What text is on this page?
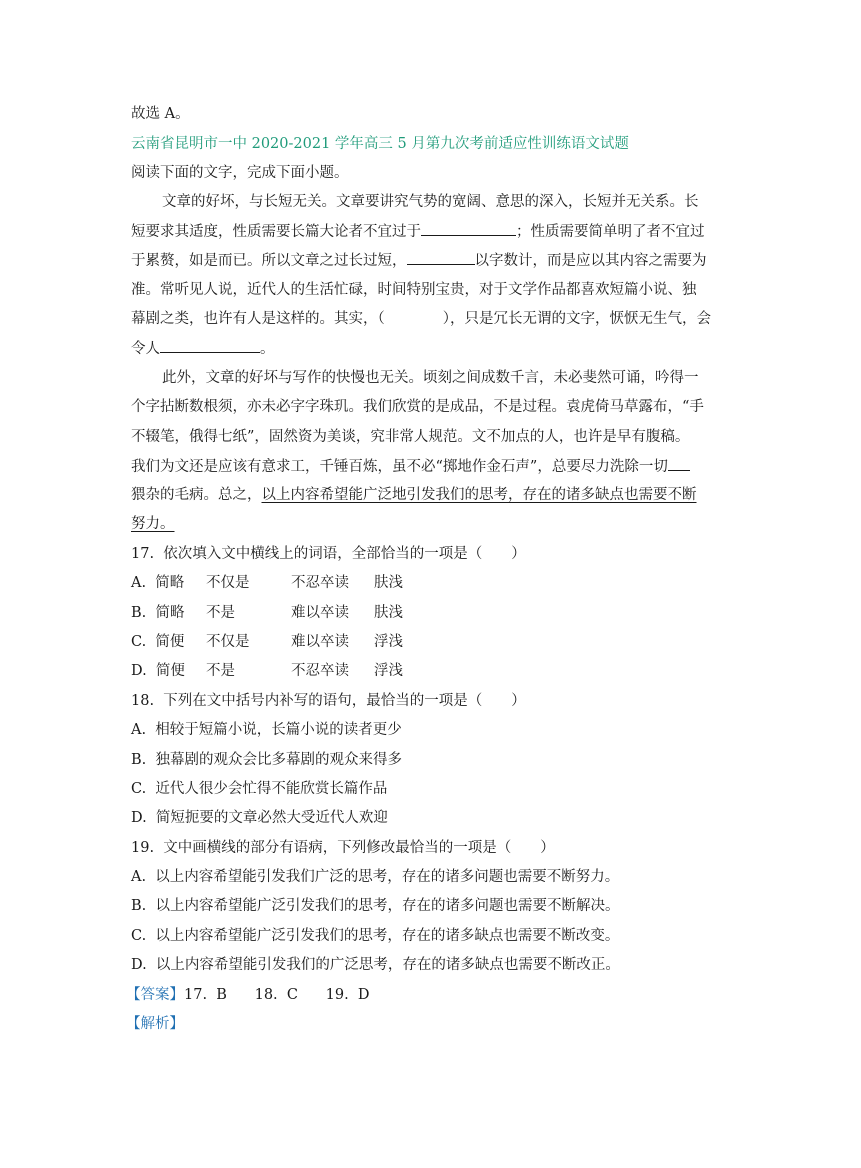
故选 A。
云南省昆明市一中 2020-2021 学年高三 5 月第九次考前适应性训练语文试题
阅读下面的文字，完成下面小题。
文章的好坏，与长短无关。文章要讲究气势的宽阔、意思的深入，长短并无关系。长
短要求其适度，性质需要长篇大论者不宜过于	；性质需要简单明了者不宜过
于累赘，如是而已。所以文章之过长过短，	以字数计，而是应以其内容之需要为
准。常听见人说，近代人的生活忙碌，时间特别宝贵，对于文学作品都喜欢短篇小说、独
幕剧之类，也许有人是这样的。其实，（　　　　），只是冗长无谓的文字，恹恹无生气，会
令人	。
此外，文章的好坏与写作的快慢也无关。顷刻之间成数千言，未必斐然可诵，吟得一
个字拈断数根须，亦未必字字珠玑。我们欣赏的是成品，不是过程。袁虎倚马草露布，“手
不辍笔，俄得七纸”，固然资为美谈，究非常人规范。文不加点的人，也许是早有腹稿。
我们为文还是应该有意求工，千锤百炼，虽不必“掷地作金石声”，总要尽力洗除一切
猥杂的毛病。总之，以上内容希望能广泛地引发我们的思考，存在的诸多缺点也需要不断
努力。
17.  依次填入文中横线上的词语，全部恰当的一项是（　　）
A.  简略 不仅是	不忍卒读 肤浅
B.  简略 不是	难以卒读 肤浅
C.  简便 不仅是	难以卒读 浮浅
D.  简便 不是	不忍卒读 浮浅
18.  下列在文中括号内补写的语句，最恰当的一项是（　　）
A.  相较于短篇小说，长篇小说的读者更少
B.  独幕剧的观众会比多幕剧的观众来得多
C.  近代人很少会忙得不能欣赏长篇作品
D.  简短扼要的文章必然大受近代人欢迎
19.  文中画横线的部分有语病，下列修改最恰当的一项是（　　）
A.  以上内容希望能引发我们广泛的思考，存在的诸多问题也需要不断努力。
B.  以上内容希望能广泛引发我们的思考，存在的诸多问题也需要不断解决。
C.  以上内容希望能广泛引发我们的思考，存在的诸多缺点也需要不断改变。
D.  以上内容希望能引发我们的广泛思考，存在的诸多缺点也需要不断改正。
【答案】17.  B      18.  C      19.  D
【解析】
